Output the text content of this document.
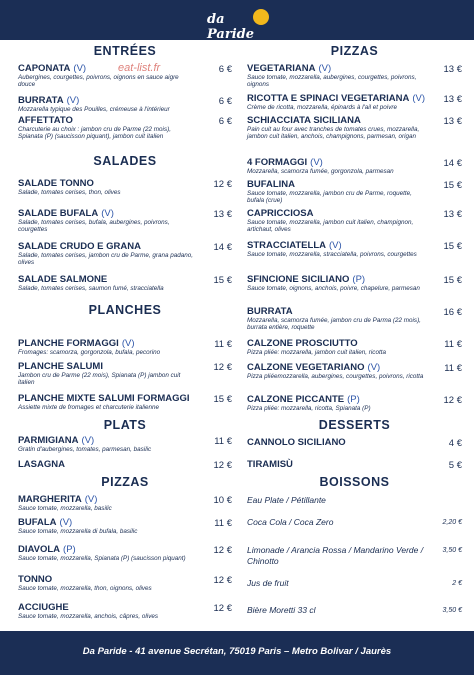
da Paride
eat-list.fr
ENTRÉES
CAPONATA (V)
Aubergines, courgettes, poivrons, oignons en sauce aigre douce
6 €
BURRATA (V)
Mozzarella typique des Pouilles, crémeuse à l'intérieur
6 €
AFFETTATO
Charcuterie au choix : jambon cru de Parme (22 mois), Spianata (P) (saucisson piquant), jambon cuit italien
6 €
SALADES
SALADE TONNO
Salade, tomates cerises, thon, olives
12 €
SALADE BUFALA (V)
Salade, tomates cerises, bufala, aubergines, poivrons, courgettes
13 €
SALADE CRUDO E GRANA
Salade, tomates cerises, jambon cru de Parme, grana padano, olives
14 €
SALADE SALMONE
Salade, tomates cerises, saumon fumé, stracciatella
15 €
PLANCHES
PLANCHE FORMAGGI (V)
Fromages: scamorza, gorgonzola, bufala, pecorino
11 €
PLANCHE SALUMI
Jambon cru de Parme (22 mois), Spianata (P) jambon cuit italien
12 €
PLANCHE MIXTE SALUMI FORMAGGI
Assiette mixte de fromages et charcuterie italienne
15 €
PLATS
PARMIGIANA (V)
Gratin d'aubergines, tomates, parmesan, basilic
11 €
LASAGNA	12 €
PIZZAS
MARGHERITA (V)
Sauce tomate, mozzarella, basilic
10 €
BUFALA (V)
Sauce tomate, mozzarella di bufala, basilic
11 €
DIAVOLA (P)
Sauce tomate, mozzarella, Spianata (P) (saucisson piquant)
12 €
TONNO
Sauce tomate, mozzarella, thon, oignons, olives
12 €
ACCIUGHE
Sauce tomate, mozzarella, anchois, câpres, olives
12 €
PIZZAS
VEGETARIANA (V)
Sauce tomate, mozzarella, aubergines, courgettes, poivrons, oignons
13 €
RICOTTA E SPINACI VEGETARIANA (V)
Crème de ricotta, mozzarella, épinards à l'ail et poivre
13 €
SCHIACCIATA SICILIANA
Pain cuit au four avec tranches de tomates crues, mozzarella, jambon cuit italien, anchois, champignons, parmesan, origan
13 €
4 FORMAGGI (V)
Mozzarella, scamorza fumée, gorgonzola, parmesan
14 €
BUFALINA
Sauce tomate, mozzarella, jambon cru de Parme, roquette, bufala (crue)
15 €
CAPRICCIOSA
Sauce tomate, mozzarella, jambon cuit italien, champignon, artichaut, olives
13 €
STRACCIATELLA (V)
Sauce tomate, mozzarella, stracciatella, poivrons, courgettes
15 €
SFINCIONE SICILIANO (P)
Sauce tomate, oignons, anchois, poivre, chapelure, parmesan
15 €
BURRATA
Mozzarella, scamorza fumée, jambon cru de Parma (22 mois), burrata entière, roquette
16 €
CALZONE PROSCIUTTO
Pizza pliée: mozzarella, jambon cuit italien, ricotta
11 €
CALZONE VEGETARIANO (V)
Pizza pliéemozzarella, aubergines, courgettes, poivrons, ricotta
11 €
CALZONE PICCANTE (P)
Pizza pliée: mozzarella, ricotta, Spianata (P)
12 €
DESSERTS
CANNOLO SICILIANO	4 €
TIRAMISÙ	5 €
BOISSONS
Eau Plate / Pétillante
Coca Cola / Coca Zero	2,20 €
Limonade / Arancia Rossa / Mandarino Verde / Chinotto
3,50 €
Jus de fruit	2 €
Bière Moretti 33 cl	3,50 €
Da Paride - 41 avenue Secrétan, 75019 Paris – Metro Bolivar / Jaurès
